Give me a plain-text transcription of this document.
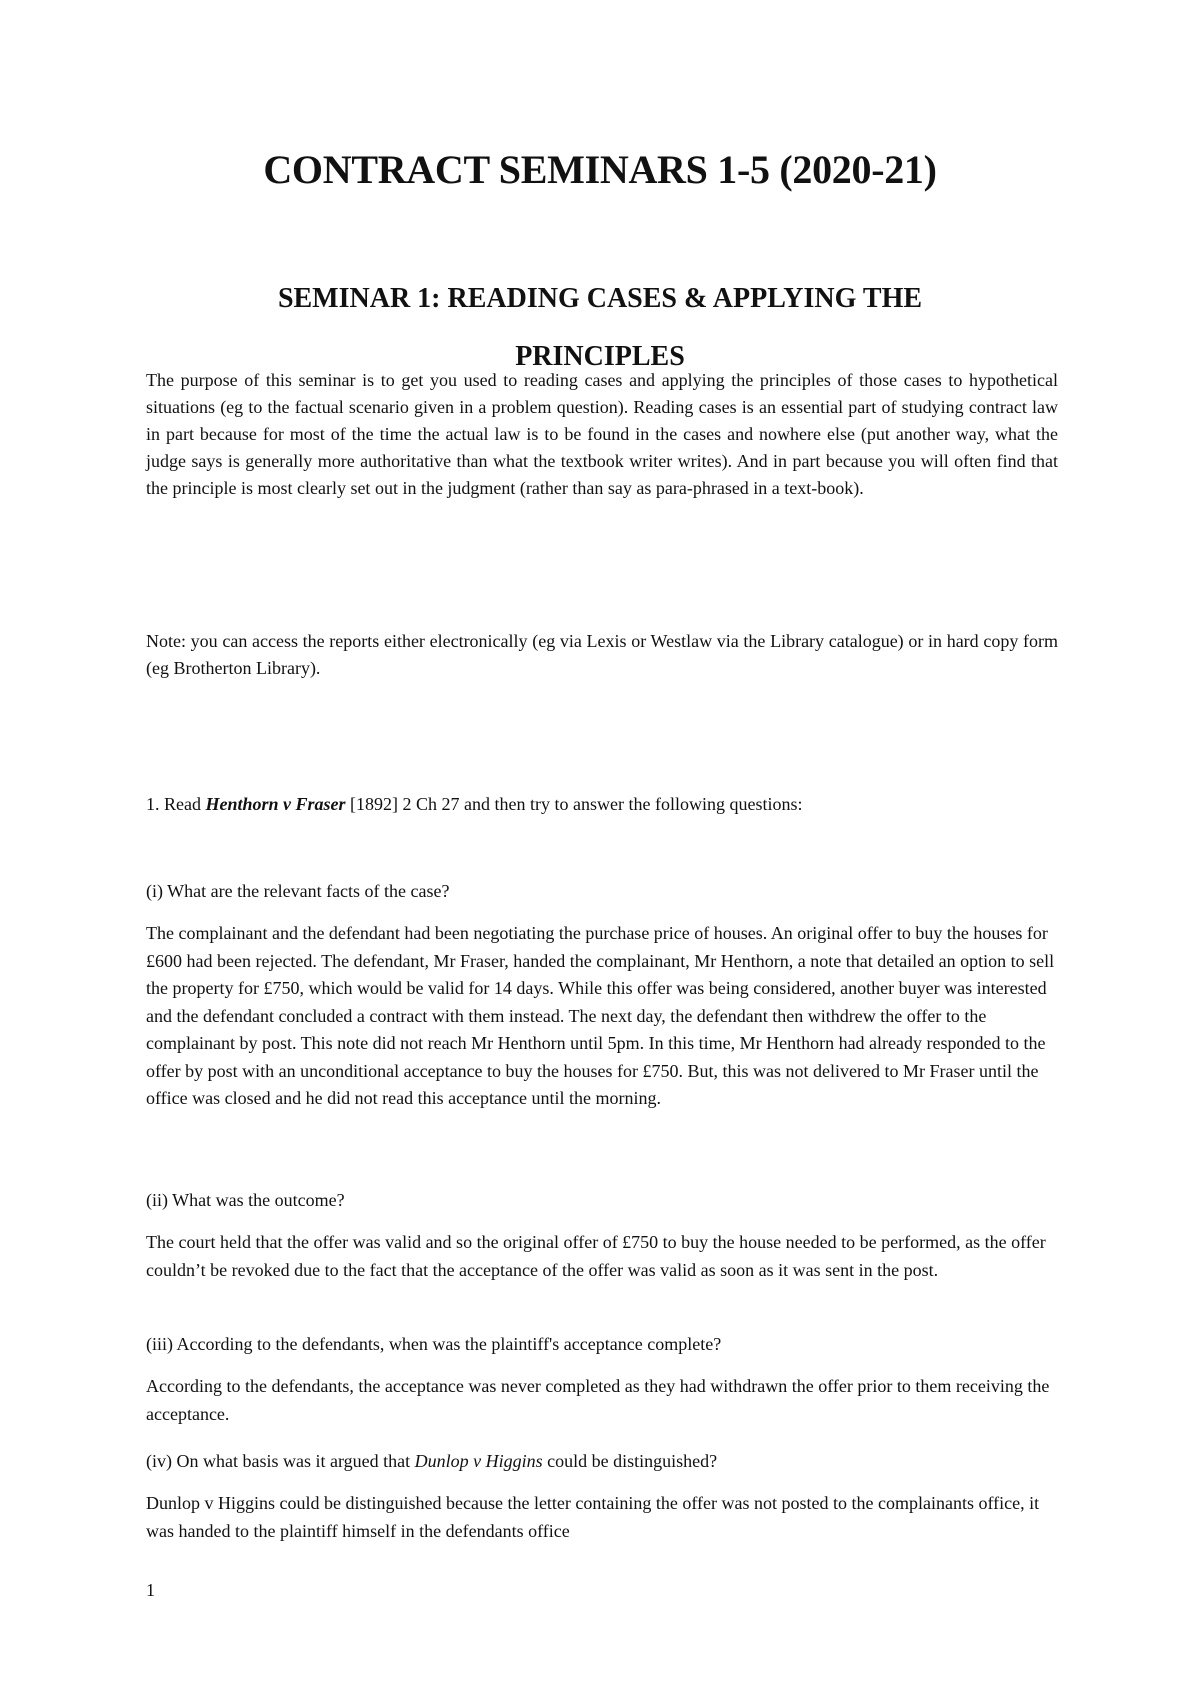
CONTRACT SEMINARS 1-5 (2020-21)
SEMINAR 1: READING CASES & APPLYING THE
PRINCIPLES

The purpose of this seminar is to get you used to reading cases and applying the principles of those cases to hypothetical situations (eg to the factual scenario given in a problem question). Reading cases is an essential part of studying contract law in part because for most of the time the actual law is to be found in the cases and nowhere else (put another way, what the judge says is generally more authoritative than what the textbook writer writes). And in part because you will often find that the principle is most clearly set out in the judgment (rather than say as para-phrased in a text-book).

Note: you can access the reports either electronically (eg via Lexis or Westlaw via the Library catalogue) or in hard copy form (eg Brotherton Library).

1. Read Henthorn v Fraser [1892] 2 Ch 27 and then try to answer the following questions:

(i) What are the relevant facts of the case?

The complainant and the defendant had been negotiating the purchase price of houses. An original offer to buy the houses for £600 had been rejected. The defendant, Mr Fraser, handed the complainant, Mr Henthorn, a note that detailed an option to sell the property for £750, which would be valid for 14 days. While this offer was being considered, another buyer was interested and the defendant concluded a contract with them instead. The next day, the defendant then withdrew the offer to the complainant by post. This note did not reach Mr Henthorn until 5pm. In this time, Mr Henthorn had already responded to the offer by post with an unconditional acceptance to buy the houses for £750. But, this was not delivered to Mr Fraser until the office was closed and he did not read this acceptance until the morning.

(ii) What was the outcome?

The court held that the offer was valid and so the original offer of £750 to buy the house needed to be performed, as the offer couldn’t be revoked due to the fact that the acceptance of the offer was valid as soon as it was sent in the post.

(iii) According to the defendants, when was the plaintiff's acceptance complete?

According to the defendants, the acceptance was never completed as they had withdrawn the offer prior to them receiving the acceptance.

(iv) On what basis was it argued that Dunlop v Higgins could be distinguished?

Dunlop v Higgins could be distinguished because the letter containing the offer was not posted to the complainants office, it was handed to the plaintiff himself in the defendants office

1
